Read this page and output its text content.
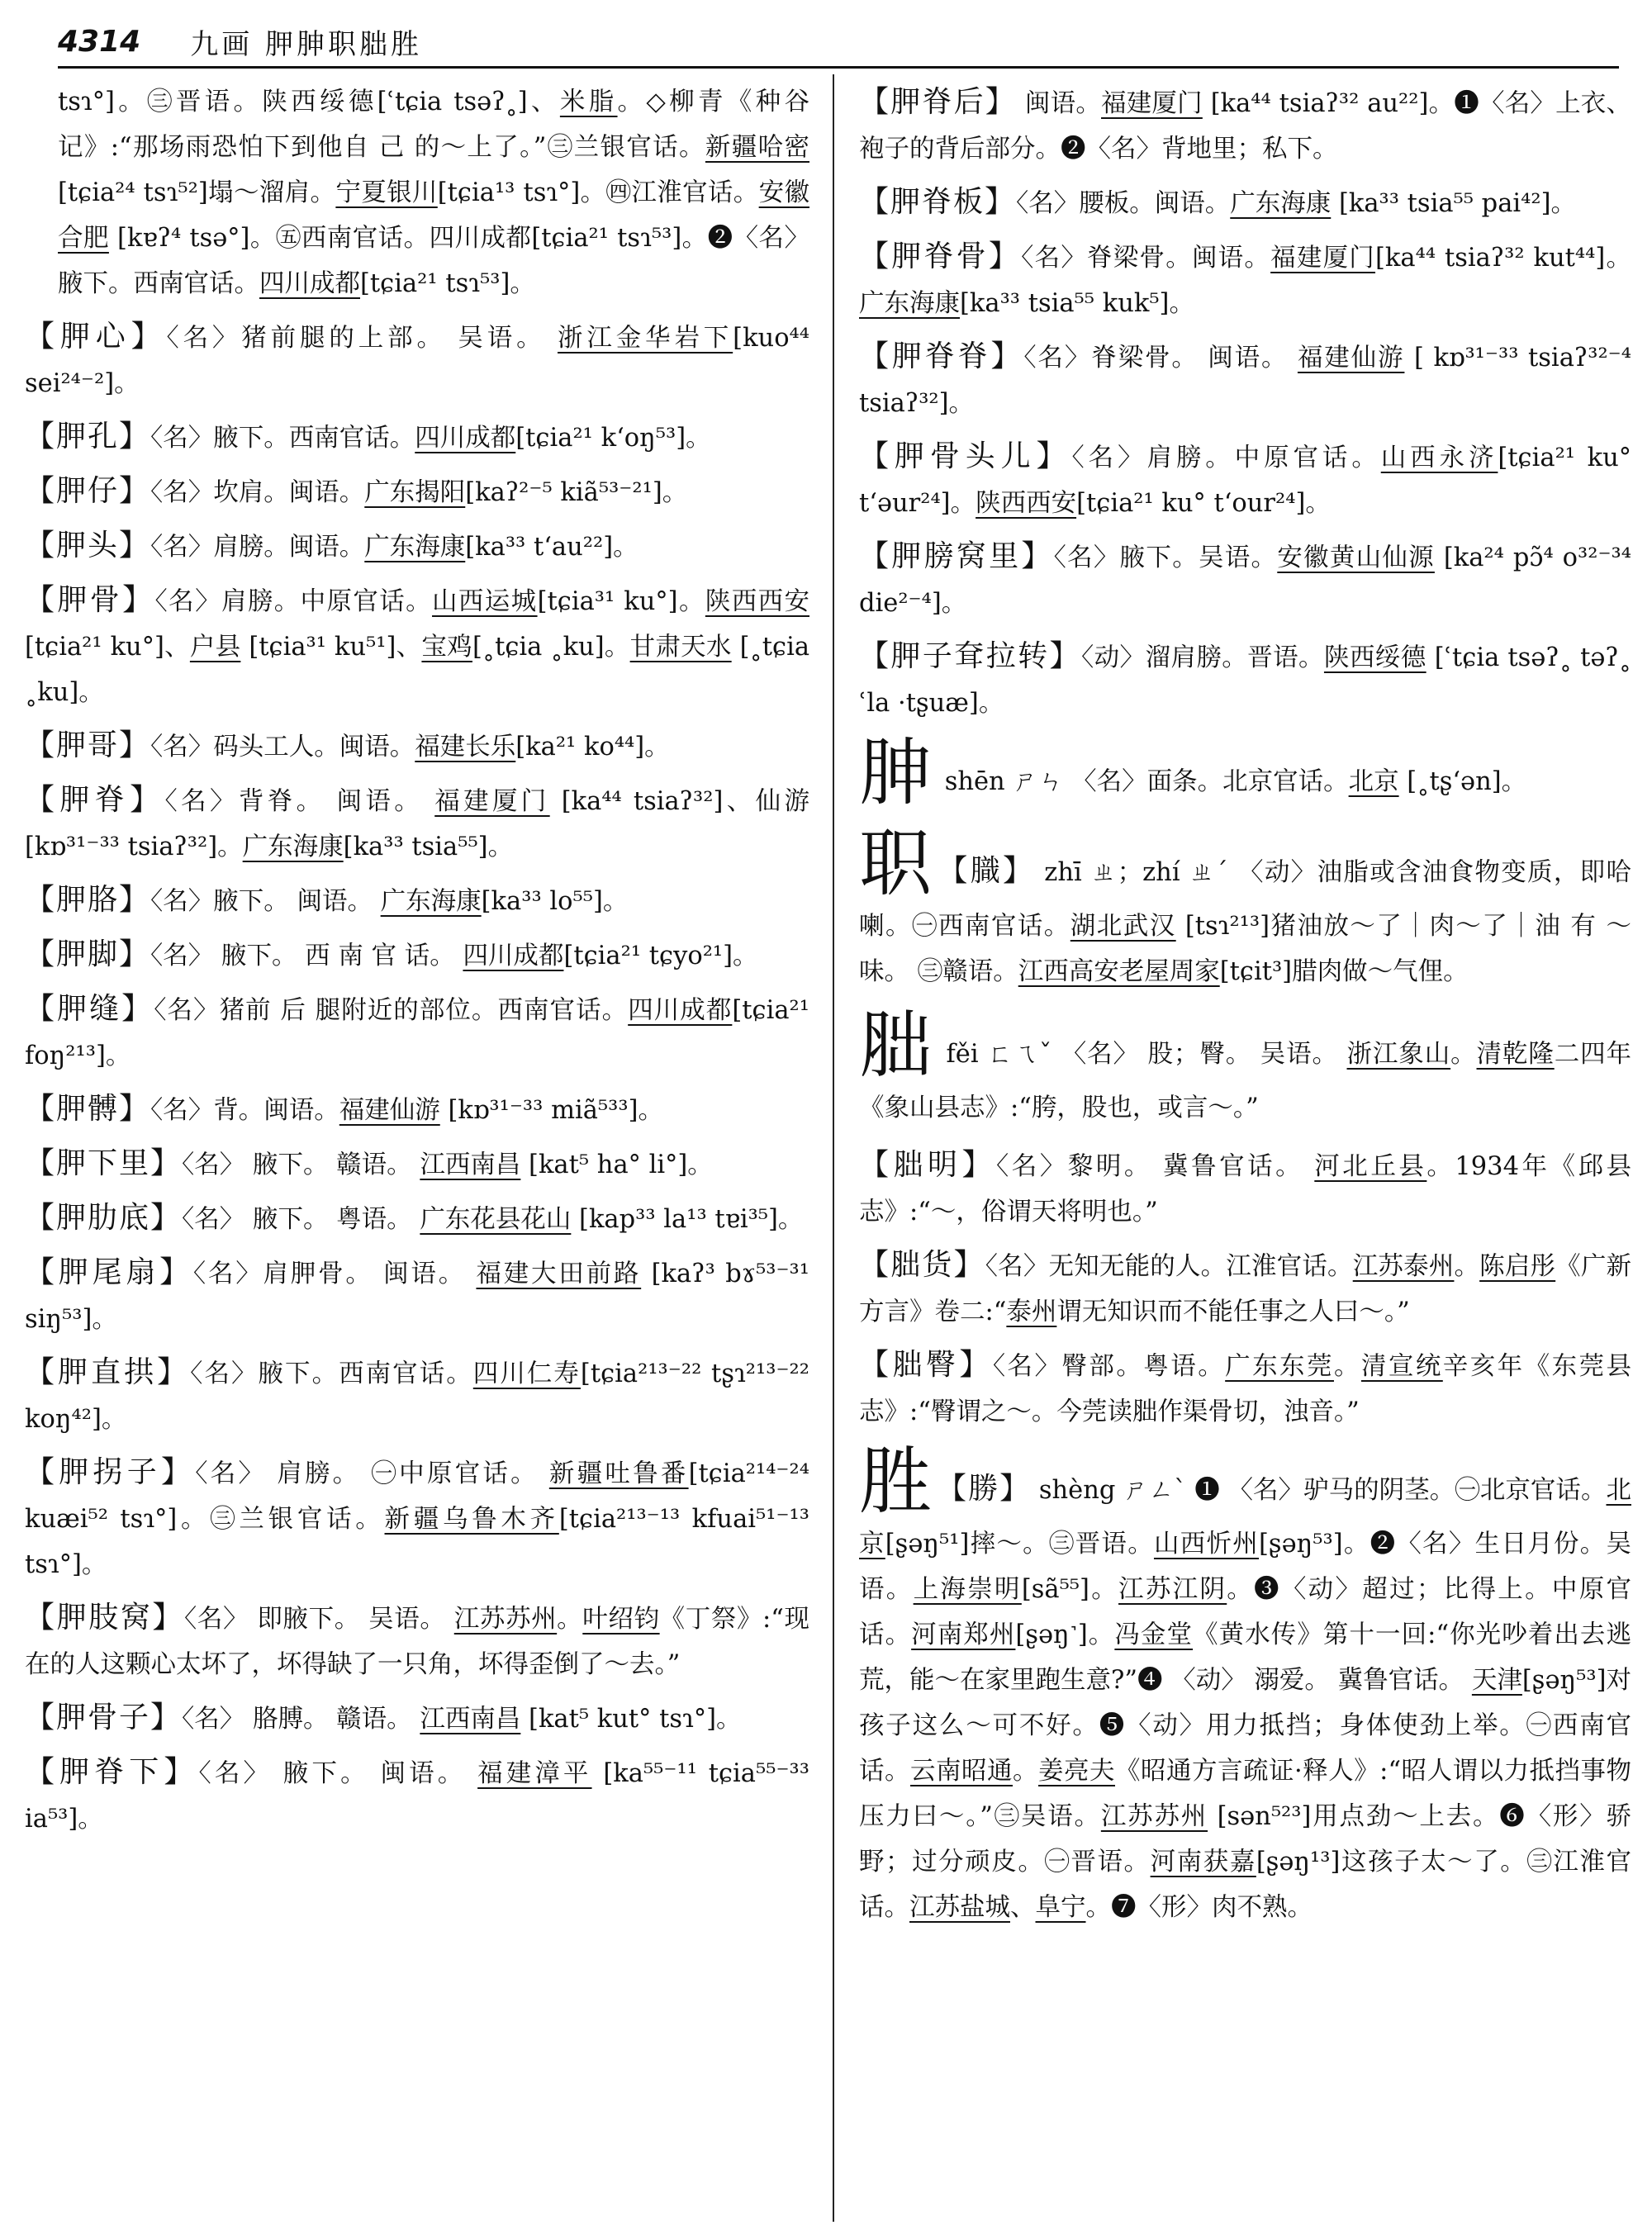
4314 九画 胛胂职胐胜

tsɿ°]。㊂晋语。陕西绥德[ʿtɕia tsəʔ˳]、米脂。◇柳青《种谷记》:“那场雨恐怕下到他自 己 的～上了。”㊂兰银官话。新疆哈密[tɕia²⁴ tsɿ⁵²]塌～溜肩。宁夏银川[tɕia¹³ tsɿ°]。㊃江淮官话。安徽合肥 [kɐʔ⁴ tsə°]。㊄西南官话。四川成都[tɕia²¹ tsɿ⁵³]。❷〈名〉腋下。西南官话。四川成都[tɕia²¹ tsɿ⁵³]。

【胛心】〈名〉猪前腿的上部。 吴语。 浙江金华岩下[kuo⁴⁴ sei²⁴⁻²]。

【胛孔】〈名〉腋下。西南官话。四川成都[tɕia²¹ kʻoŋ⁵³]。

【胛仔】〈名〉坎肩。闽语。广东揭阳[kaʔ²⁻⁵ kiã⁵³⁻²¹]。

【胛头】〈名〉肩膀。闽语。广东海康[ka³³ tʻau²²]。

【胛骨】〈名〉肩膀。中原官话。山西运城[tɕia³¹ ku°]。陕西西安[tɕia²¹ ku°]、户县 [tɕia³¹ ku⁵¹]、宝鸡[˳tɕia ˳ku]。甘肃天水 [˳tɕia ˳ku]。

【胛哥】〈名〉码头工人。闽语。福建长乐[ka²¹ ko⁴⁴]。

【胛脊】〈名〉背脊。 闽语。 福建厦门 [ka⁴⁴ tsiaʔ³²]、仙游[kɒ³¹⁻³³ tsiaʔ³²]。广东海康[ka³³ tsia⁵⁵]。

【胛胳】〈名〉腋下。 闽语。 广东海康[ka³³ lo⁵⁵]。

【胛脚】〈名〉 腋下。 西 南 官 话。 四川成都[tɕia²¹ tɕyo²¹]。

【胛缝】〈名〉猪前 后 腿附近的部位。西南官话。四川成都[tɕia²¹ foŋ²¹³]。

【胛髆】〈名〉背。闽语。福建仙游 [kɒ³¹⁻³³ miã⁵³³]。

【胛下里】〈名〉 腋下。 赣语。 江西南昌 [kat⁵ ha° li°]。

【胛肋底】〈名〉 腋下。 粤语。 广东花县花山 [kap³³ la¹³ tɐi³⁵]。

【胛尾扇】〈名〉肩胛骨。 闽语。 福建大田前路 [kaʔ³ bɤ⁵³⁻³¹ siŋ⁵³]。

【胛直拱】〈名〉腋下。西南官话。四川仁寿[tɕia²¹³⁻²² tʂɿ²¹³⁻²² koŋ⁴²]。

【胛拐子】〈名〉 肩膀。 ㊀中原官话。 新疆吐鲁番[tɕia²¹⁴⁻²⁴ kuæi⁵² tsɿ°]。㊂兰银官话。新疆乌鲁木齐[tɕia²¹³⁻¹³ kfuai⁵¹⁻¹³ tsɿ°]。

【胛肢窝】〈名〉 即腋下。 吴语。 江苏苏州。叶绍钧《丁祭》:“现在的人这颗心太坏了，坏得缺了一只角，坏得歪倒了～去。”

【胛骨子】〈名〉 胳膊。 赣语。 江西南昌 [kat⁵ kut° tsɿ°]。

【胛脊下】〈名〉 腋下。 闽语。 福建漳平 [ka⁵⁵⁻¹¹ tɕia⁵⁵⁻³³ ia⁵³]。

【胛脊后】 闽语。福建厦门 [ka⁴⁴ tsiaʔ³² au²²]。❶〈名〉上衣、袍子的背后部分。❷〈名〉背地里；私下。

【胛脊板】〈名〉腰板。闽语。广东海康 [ka³³ tsia⁵⁵ pai⁴²]。

【胛脊骨】〈名〉脊梁骨。闽语。福建厦门[ka⁴⁴ tsiaʔ³² kut⁴⁴]。广东海康[ka³³ tsia⁵⁵ kuk⁵]。

【胛脊脊】〈名〉脊梁骨。 闽语。 福建仙游 [ kɒ³¹⁻³³ tsiaʔ³²⁻⁴ tsiaʔ³²]。

【胛骨头儿】〈名〉肩膀。中原官话。山西永济[tɕia²¹ ku° tʻəur²⁴]。陕西西安[tɕia²¹ ku° tʻour²⁴]。

【胛膀窝里】〈名〉腋下。吴语。安徽黄山仙源 [ka²⁴ pɔ̃⁴ o³²⁻³⁴ die²⁻⁴]。

【胛子耷拉转】〈动〉溜肩膀。晋语。陕西绥德 [ʿtɕia tsəʔ˳ təʔ˳ ʿla ·tʂuæ]。

胂 shēn ㄕㄣ 〈名〉面条。北京官话。北京 [˳tʂʻən]。

职 【膱】 zhī ㄓ；zhí ㄓˊ 〈动〉油脂或含油食物变质，即哈喇。㊀西南官话。湖北武汉 [tsɿ²¹³]猪油放～了｜肉～了｜油 有 ～ 味。 ㊂赣语。江西高安老屋周家[tɕit³]腊肉做～气俚。

胐 fěi ㄈㄟˇ 〈名〉 股；臀。 吴语。 浙江象山。清乾隆二四年《象山县志》:“胯，股也，或言～。”

【胐明】〈名〉黎明。 冀鲁官话。 河北丘县。1934年《邱县志》:“～，俗谓天将明也。”

【胐货】〈名〉无知无能的人。江淮官话。江苏泰州。陈启彤《广新方言》卷二:“泰州谓无知识而不能任事之人曰～。”

【胐臀】〈名〉臀部。粤语。广东东莞。清宣统辛亥年《东莞县志》:“臀谓之～。今莞读胐作渠骨切，浊音。”

胜 【勝】 shèng ㄕㄥˋ ❶ 〈名〉驴马的阴茎。㊀北京官话。北京[ʂəŋ⁵¹]摔～。㊂晋语。山西忻州[ʂəŋ⁵³]。❷〈名〉生日月份。吴语。上海崇明[sã⁵⁵]。江苏江阴。❸〈动〉超过；比得上。中原官话。河南郑州[ʂəŋ˺]。冯金堂《黄水传》第十一回:“你光吵着出去逃荒，能～在家里跑生意?”❹ 〈动〉 溺爱。 冀鲁官话。 天津[ʂəŋ⁵³]对孩子这么～可不好。❺〈动〉用力抵挡；身体使劲上举。㊀西南官话。云南昭通。姜亮夫《昭通方言疏证·释人》:“昭人谓以力抵挡事物压力曰～。”㊂吴语。江苏苏州 [sən⁵²³]用点劲～上去。❻〈形〉骄野；过分顽皮。㊀晋语。河南获嘉[ʂəŋ¹³]这孩子太～了。㊂江淮官话。江苏盐城、阜宁。❼〈形〉肉不熟。
